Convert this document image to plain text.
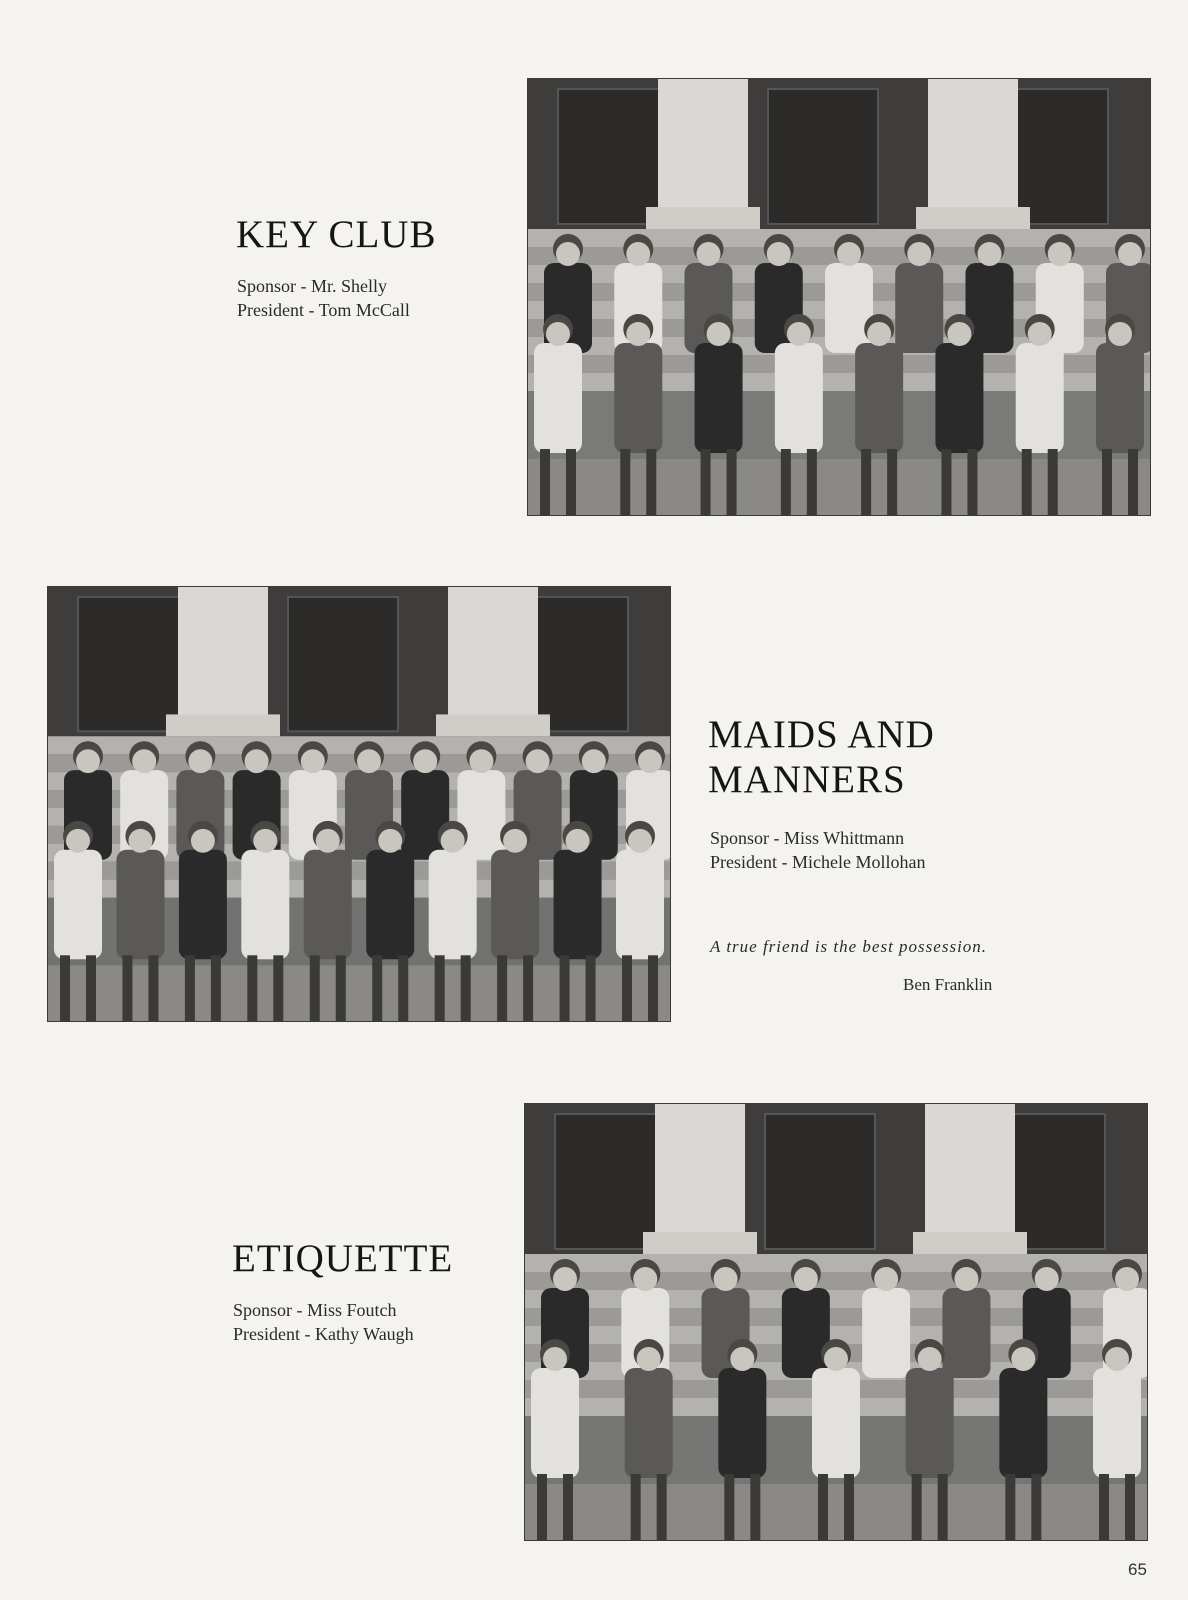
KEY CLUB
Sponsor - Mr. Shelly
President - Tom McCall
MAIDS AND
MANNERS
Sponsor - Miss Whittmann
President - Michele Mollohan
A true friend is the best possession.
Ben Franklin
ETIQUETTE
Sponsor - Miss Foutch
President - Kathy Waugh
65
